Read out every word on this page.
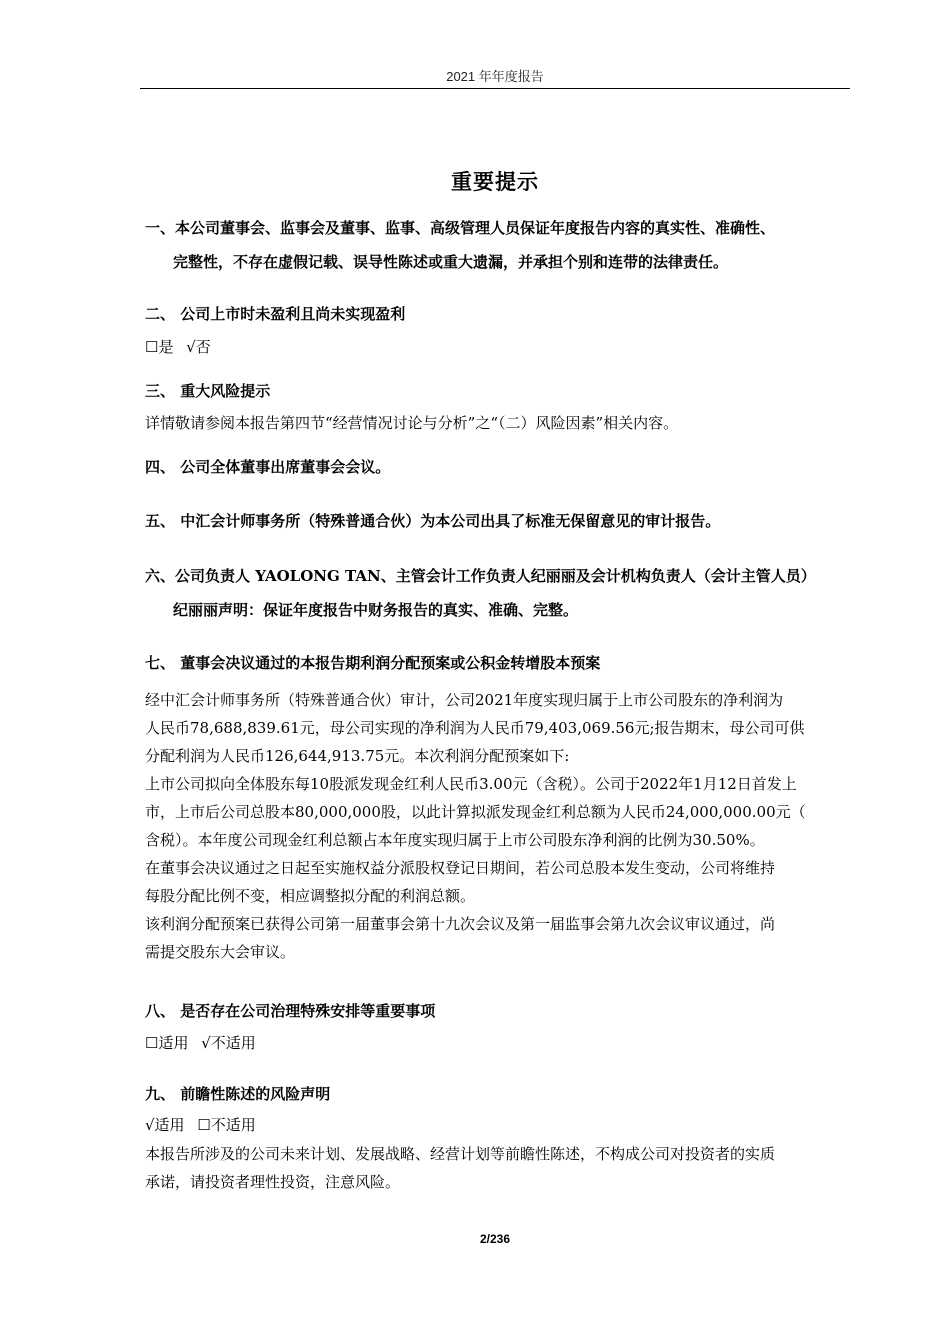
2021 年年度报告
重要提示
一、本公司董事会、监事会及董事、监事、高级管理人员保证年度报告内容的真实性、准确性、
完整性，不存在虚假记载、误导性陈述或重大遗漏，并承担个别和连带的法律责任。
二、 公司上市时未盈利且尚未实现盈利
☐是 √否
三、 重大风险提示
详情敬请参阅本报告第四节“经营情况讨论与分析”之“（二）风险因素”相关内容。
四、 公司全体董事出席董事会会议。
五、 中汇会计师事务所（特殊普通合伙）为本公司出具了标准无保留意见的审计报告。
六、公司负责人 YAOLONG TAN、主管会计工作负责人纪丽丽及会计机构负责人（会计主管人员）
纪丽丽声明：保证年度报告中财务报告的真实、准确、完整。
七、 董事会决议通过的本报告期利润分配预案或公积金转增股本预案
经中汇会计师事务所（特殊普通合伙）审计，公司2021年度实现归属于上市公司股东的净利润为
人民币78,688,839.61元，母公司实现的净利润为人民币79,403,069.56元;报告期末，母公司可供
分配利润为人民币126,644,913.75元。本次利润分配预案如下:
上市公司拟向全体股东每10股派发现金红利人民币3.00元（含税）。公司于2022年1月12日首发上
市，上市后公司总股本80,000,000股，以此计算拟派发现金红利总额为人民币24,000,000.00元（
含税）。本年度公司现金红利总额占本年度实现归属于上市公司股东净利润的比例为30.50%。
在董事会决议通过之日起至实施权益分派股权登记日期间，若公司总股本发生变动，公司将维持
每股分配比例不变，相应调整拟分配的利润总额。
该利润分配预案已获得公司第一届董事会第十九次会议及第一届监事会第九次会议审议通过，尚
需提交股东大会审议。
八、 是否存在公司治理特殊安排等重要事项
☐适用 √不适用
九、 前瞻性陈述的风险声明
√适用 ☐不适用
本报告所涉及的公司未来计划、发展战略、经营计划等前瞻性陈述，不构成公司对投资者的实质
承诺，请投资者理性投资，注意风险。
2/236
